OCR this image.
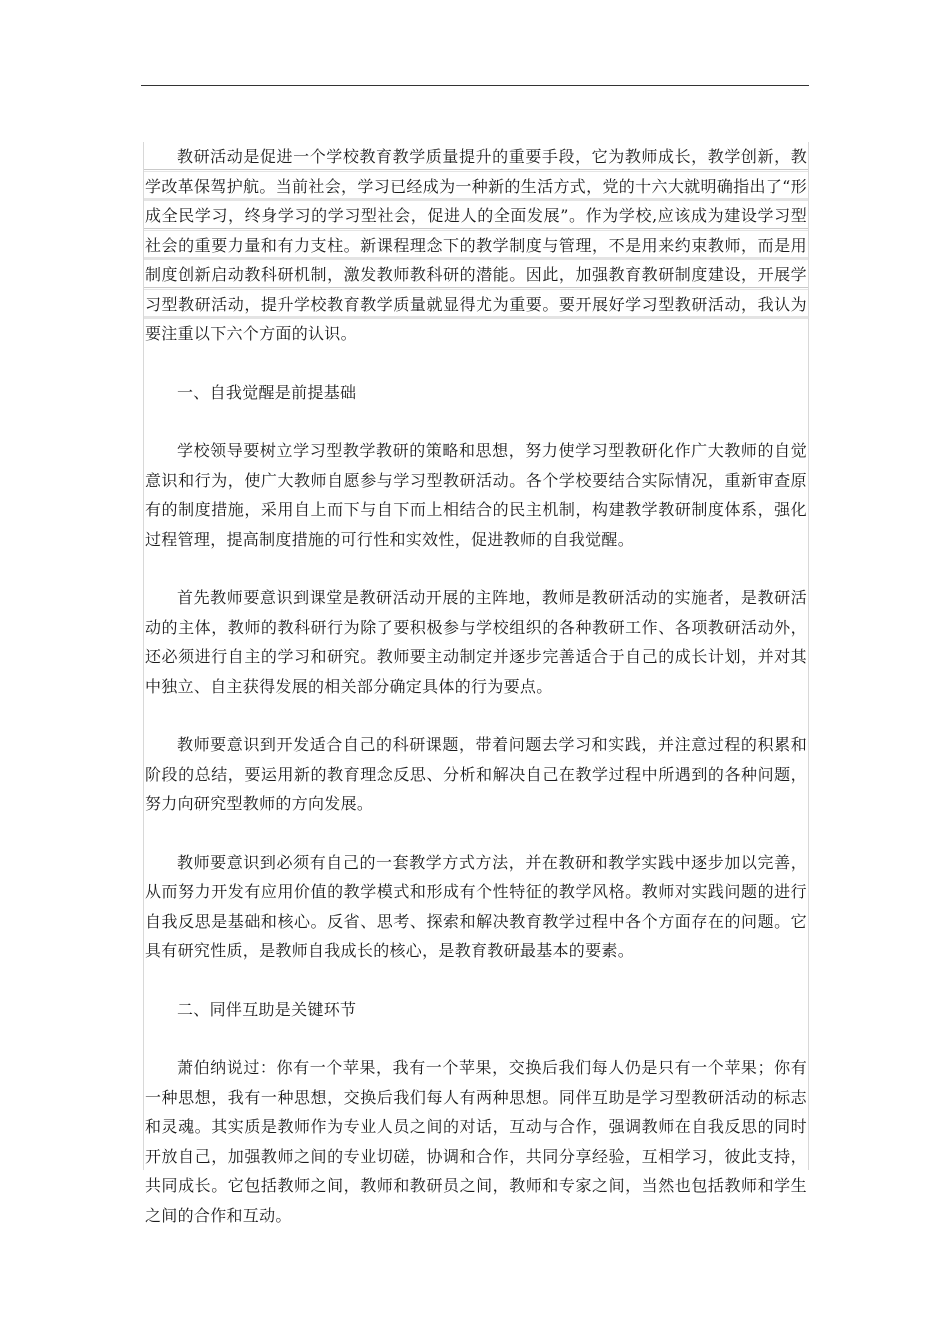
教研活动是促进一个学校教育教学质量提升的重要手段，它为教师成长，教学创新，教学改革保驾护航。当前社会，学习已经成为一种新的生活方式，党的十六大就明确指出了“形成全民学习，终身学习的学习型社会，促进人的全面发展”。作为学校,应该成为建设学习型社会的重要力量和有力支柱。新课程理念下的教学制度与管理，不是用来约束教师，而是用制度创新启动教科研机制，激发教师教科研的潜能。因此，加强教育教研制度建设，开展学习型教研活动，提升学校教育教学质量就显得尤为重要。要开展好学习型教研活动，我认为要注重以下六个方面的认识。

一、自我觉醒是前提基础

学校领导要树立学习型教学教研的策略和思想，努力使学习型教研化作广大教师的自觉意识和行为，使广大教师自愿参与学习型教研活动。各个学校要结合实际情况，重新审查原有的制度措施，采用自上而下与自下而上相结合的民主机制，构建教学教研制度体系，强化过程管理，提高制度措施的可行性和实效性，促进教师的自我觉醒。

首先教师要意识到课堂是教研活动开展的主阵地，教师是教研活动的实施者，是教研活动的主体，教师的教科研行为除了要积极参与学校组织的各种教研工作、各项教研活动外，还必须进行自主的学习和研究。教师要主动制定并逐步完善适合于自己的成长计划，并对其中独立、自主获得发展的相关部分确定具体的行为要点。

教师要意识到开发适合自己的科研课题，带着问题去学习和实践，并注意过程的积累和阶段的总结，要运用新的教育理念反思、分析和解决自己在教学过程中所遇到的各种问题，努力向研究型教师的方向发展。

教师要意识到必须有自己的一套教学方式方法，并在教研和教学实践中逐步加以完善，从而努力开发有应用价值的教学模式和形成有个性特征的教学风格。教师对实践问题的进行自我反思是基础和核心。反省、思考、探索和解决教育教学过程中各个方面存在的问题。它具有研究性质，是教师自我成长的核心，是教育教研最基本的要素。

二、同伴互助是关键环节

萧伯纳说过：你有一个苹果，我有一个苹果，交换后我们每人仍是只有一个苹果；你有一种思想，我有一种思想，交换后我们每人有两种思想。同伴互助是学习型教研活动的标志和灵魂。其实质是教师作为专业人员之间的对话，互动与合作，强调教师在自我反思的同时开放自己，加强教师之间的专业切磋，协调和合作，共同分享经验，互相学习，彼此支持，共同成长。它包括教师之间，教师和教研员之间，教师和专家之间，当然也包括教师和学生之间的合作和互动。
